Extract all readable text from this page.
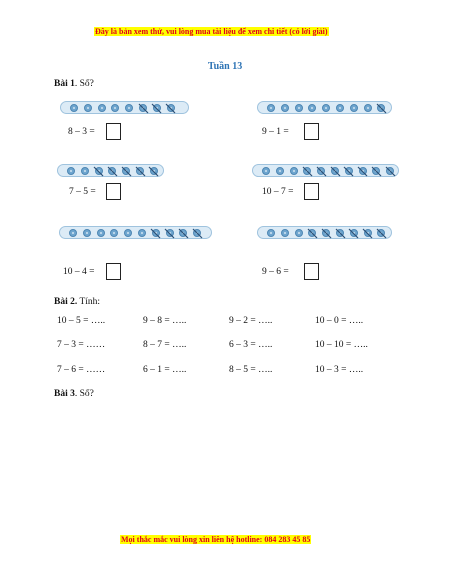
Đây là bản xem thử, vui lòng mua tài liệu để xem chi tiết (có lời giải)
Tuần 13
Bài 1. Số?
8 – 3 =	9 – 1 =
7 – 5 =	10 – 7 =
10 – 4 =	9 – 6 =
Bài 2. Tính:
10 – 5 = …..	9 – 8 = …..	9 – 2 = …..	10 – 0 = …..
7 – 3 = ……	8 – 7 = …..	6 – 3 = …..	10 – 10 = …..
7 – 6 = ……	6 – 1 = …..	8 – 5 = …..	10 – 3 = …..
Bài 3. Số?
Mọi thắc mắc vui lòng xin liên hệ hotline: 084 283 45 85
